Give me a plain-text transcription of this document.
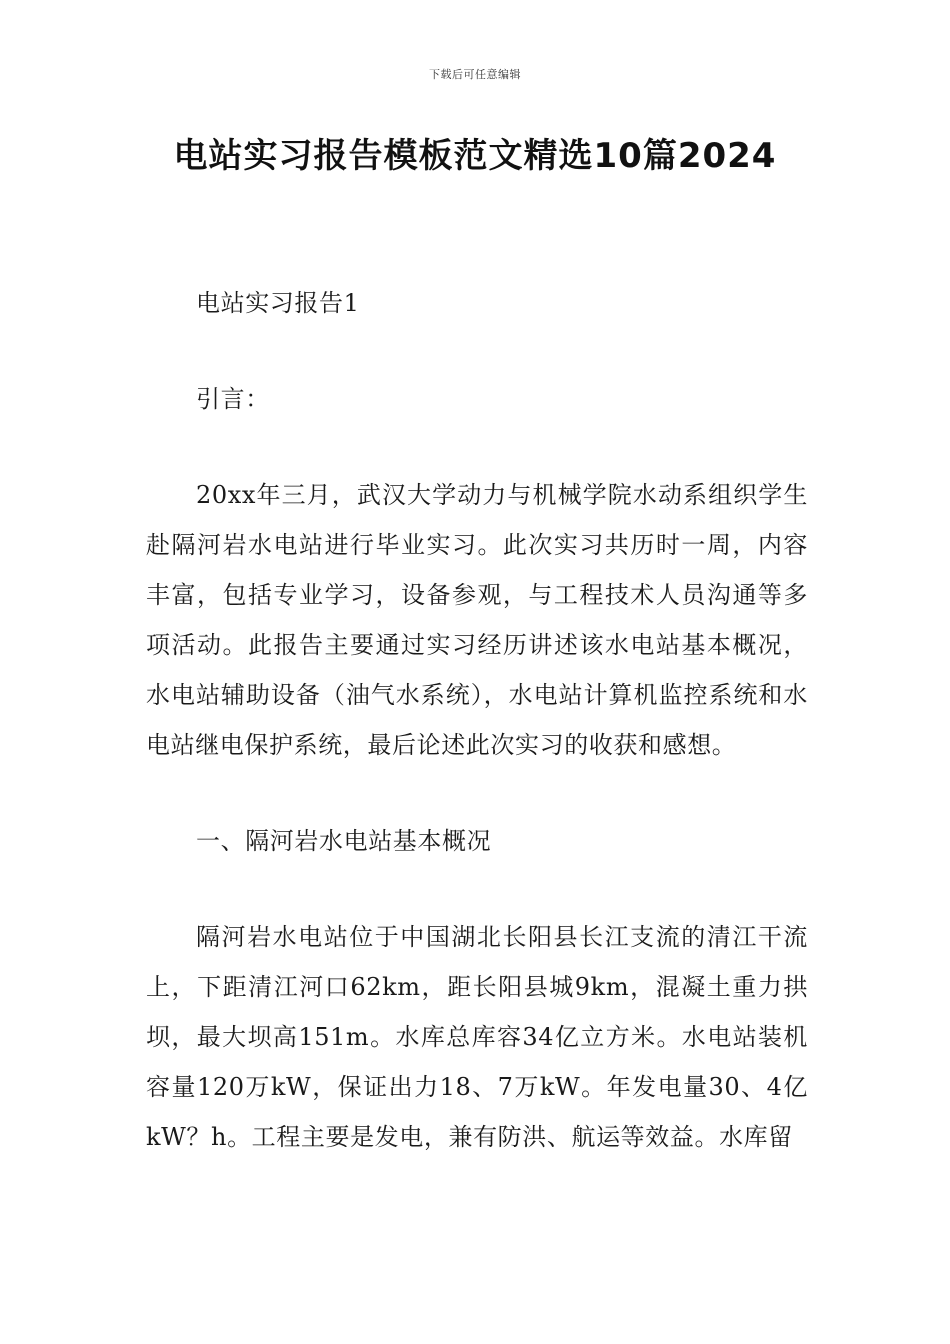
下载后可任意编辑
电站实习报告模板范文精选10篇2024

电站实习报告1

引言：

20xx年三月，武汉大学动力与机械学院水动系组织学生赴隔河岩水电站进行毕业实习。此次实习共历时一周，内容丰富，包括专业学习，设备参观，与工程技术人员沟通等多项活动。此报告主要通过实习经历讲述该水电站基本概况，水电站辅助设备（油气水系统），水电站计算机监控系统和水电站继电保护系统，最后论述此次实习的收获和感想。

一、隔河岩水电站基本概况

隔河岩水电站位于中国湖北长阳县长江支流的清江干流上，下距清江河口62km，距长阳县城9km，混凝土重力拱坝，最大坝高151m。水库总库容34亿立方米。水电站装机容量120万kW，保证出力18、7万kW。年发电量30、4亿kW？h。工程主要是发电，兼有防洪、航运等效益。水库留
